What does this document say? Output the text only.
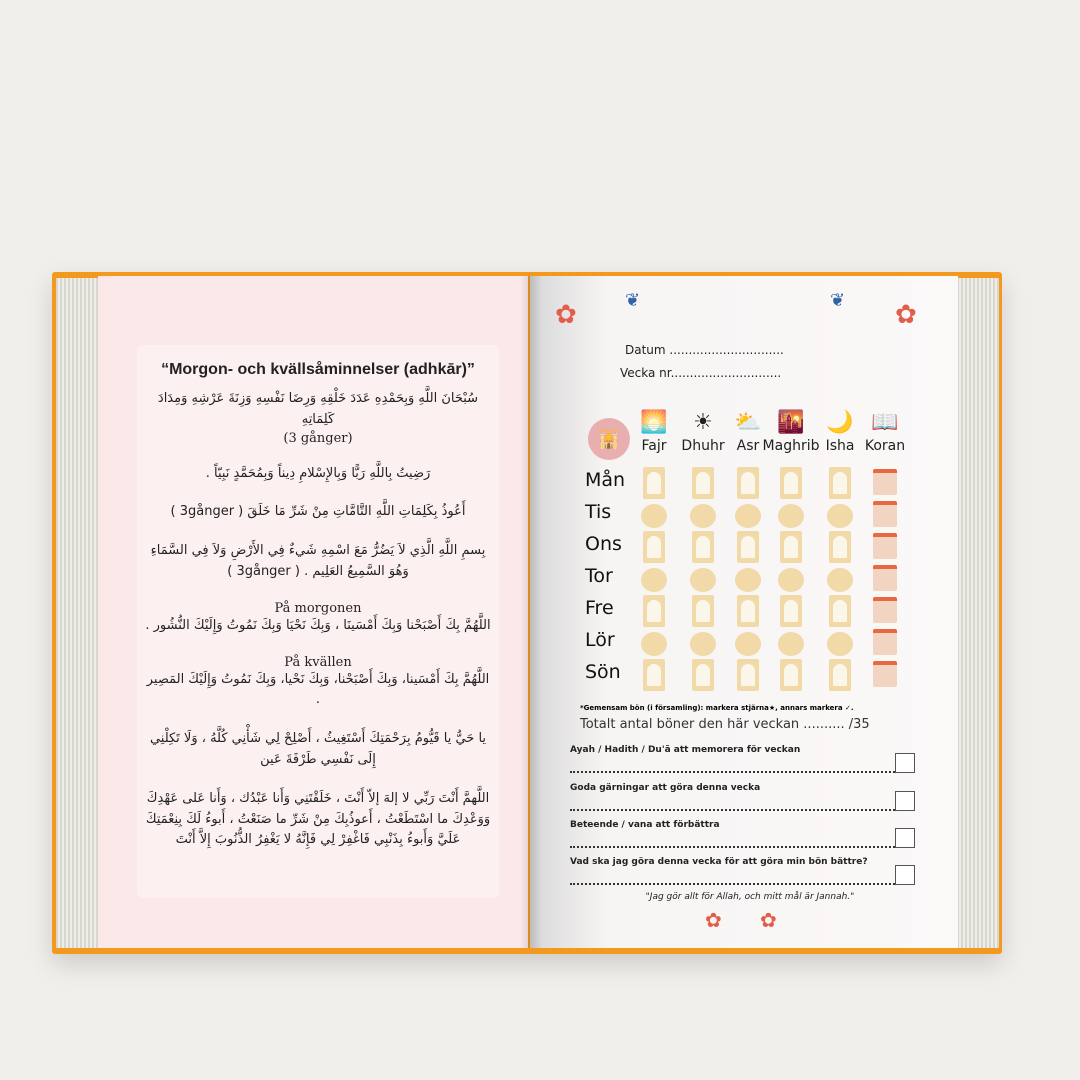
“Morgon- och kvällsåminnelser (adhkār)”
سُبْحَانَ اللَّهِ وَبِحَمْدِهِ عَدَدَ خَلْقِهِ وَرِضَا نَفْسِهِ وَزِنَةَ عَرْشِهِ وَمِدَادَ كَلِمَاتِهِ
(3 gånger)
رَضِيتُ بِاللَّهِ رَبًّا وَبِالإِسْلامِ دِيناً وَبِمُحَمَّدٍ نَبِيّاً .
أَعُوذُ بِكَلِمَاتِ اللَّهِ التَّامَّاتِ مِنْ شَرِّ مَا خَلَقَ ( 3gånger )
بِسمِ اللَّهِ الَّذِي لاَ يَضُرُّ مَعَ اسْمِهِ شَيءٌ فِي الأَرْضِ وَلاَ فِي السَّمَاءِ وَهُوَ السَّمِيعُ العَلِيم . ( 3gånger )
På morgonen
اللَّهُمَّ بِكَ أَصْبَحْنا وَبِكَ أَمْسَينَا ، وَبِكَ نَحْيَا وَبِكَ نَمُوتُ وَإِلَيْكَ النُّشُور .
På kvällen
اللَّهُمَّ بِكَ أَمْسَينا، وَبِكَ أَصْبَحْنا، وَبِكَ نَحْيا، وَبِكَ نَمُوتُ وَإِلَيْكَ المَصِير .
يا حَيُّ يا قَيُّومُ بِرَحْمَتِكَ أَسْتَغِيثُ ، أَصْلِحْ لِي شَأْنِي كُلَّهُ ، وَلَا تَكِلْنِي إِلَى نَفْسِي طَرْفَةَ عَين
اللَّهمَّ أَنْتَ رَبِّي لا إلهَ إلاّ أَنْتَ ، خَلَقْتَنِي وَأَنا عَبْدُك ، وَأَنا عَلى عَهْدِكَ وَوَعْدِكَ ما اسْتَطَعْتُ ، أَعوذُبِكَ مِنْ شَرِّ ما صَنَعْتُ ، أَبوءُ لَكَ بِنِعْمَتِكَ عَلَيَّ وَأَبوءُ بِذَنْبِي فَاغْفِرْ لِي فَإِنَّهُ لا يَغْفِرُ الذُّنُوبَ إِلاَّ أَنْتَ
✿	✿
❦	❦
Datum ..............................
Vecka nr.............................
🕌
🌅
Fajr
☀
Dhuhr
⛅
Asr
🌇
Maghrib
🌙
Isha
📖
Koran
Mån
Tis
Ons
Tor
Fre
Lör
Sön
*Gemensam bön (i församling): markera stjärna★, annars markera ✓.
Totalt antal böner den här veckan .......... /35
Ayah / Hadith / Du'ā att memorera för veckan
Goda gärningar att göra denna vecka
Beteende / vana att förbättra
Vad ska jag göra denna vecka för att göra min bön bättre?
"Jag gör allt för Allah, och mitt mål är Jannah."
✿ ✿
